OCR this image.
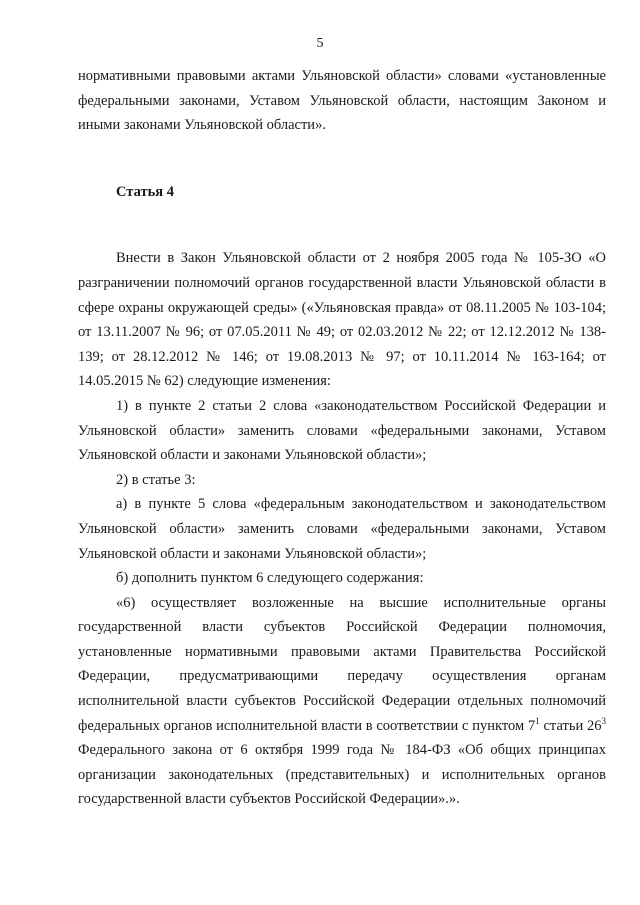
5

нормативными правовыми актами Ульяновской области» словами «установленные федеральными законами, Уставом Ульяновской области, настоящим Законом и иными законами Ульяновской области».

Статья 4

Внести в Закон Ульяновской области от 2 ноября 2005 года № 105-ЗО «О разграничении полномочий органов государственной власти Ульяновской области в сфере охраны окружающей среды» («Ульяновская правда» от 08.11.2005 № 103-104; от 13.11.2007 № 96; от 07.05.2011 № 49; от 02.03.2012 № 22; от 12.12.2012 № 138-139; от 28.12.2012 № 146; от 19.08.2013 № 97; от 10.11.2014 № 163-164; от 14.05.2015 № 62) следующие изменения:

1) в пункте 2 статьи 2 слова «законодательством Российской Федерации и Ульяновской области» заменить словами «федеральными законами, Уставом Ульяновской области и законами Ульяновской области»;

2) в статье 3:

а) в пункте 5 слова «федеральным законодательством и законодательством Ульяновской области» заменить словами «федеральными законами, Уставом Ульяновской области и законами Ульяновской области»;

б) дополнить пунктом 6 следующего содержания:

«6) осуществляет возложенные на высшие исполнительные органы государственной власти субъектов Российской Федерации полномочия, установленные нормативными правовыми актами Правительства Российской Федерации, предусматривающими передачу осуществления органам исполнительной власти субъектов Российской Федерации отдельных полномочий федеральных органов исполнительной власти в соответствии с пунктом $7^1$ статьи $26^3$ Федерального закона от 6 октября 1999 года № 184-ФЗ «Об общих принципах организации законодательных (представительных) и исполнительных органов государственной власти субъектов Российской Федерации».».
